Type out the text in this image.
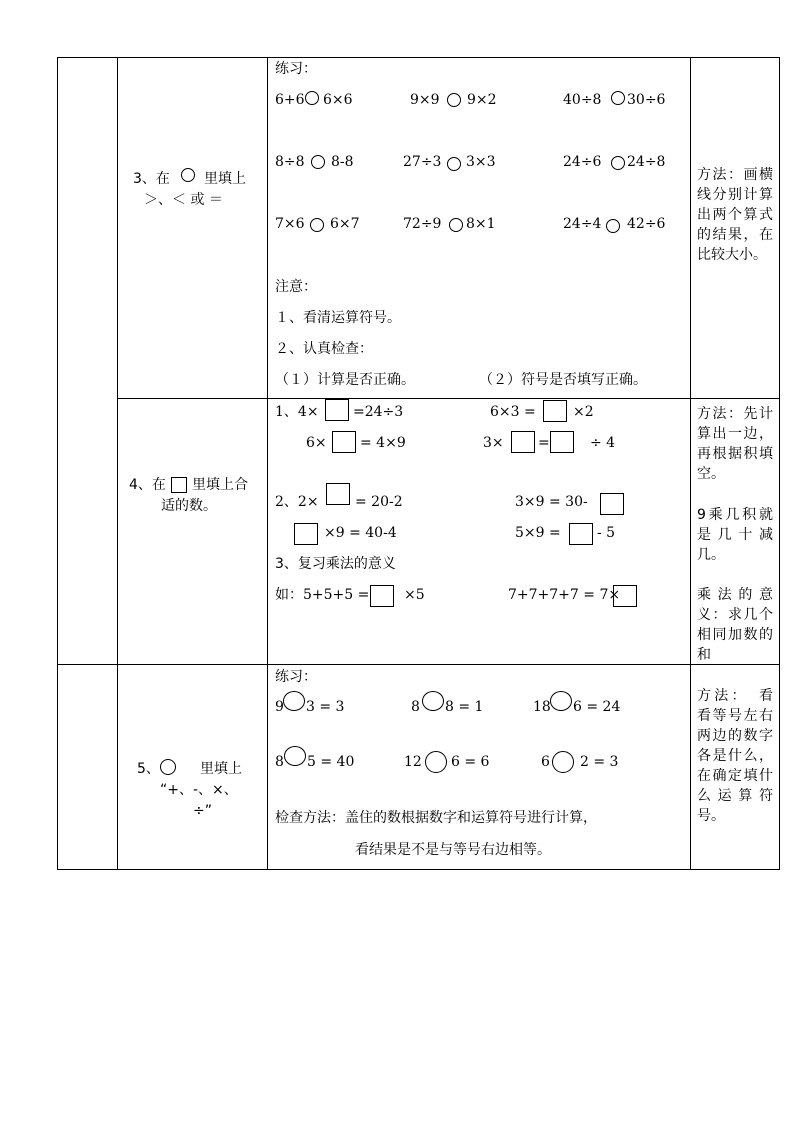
3、在 里填上
＞、＜ 或 ＝
练习：
6+6 6×6	9×9 9×2	40÷8 30÷6
8÷8 8-8	27÷3 3×3	24÷6 24÷8
7×6 6×7	72÷9 8×1	24÷4 42÷6
注意：
１、看清运算符号。
２、认真检查：
（１）计算是否正确。	（２）符号是否填写正确。
方法：画横线分别计算出两个算式的结果，在比较大小。
4、在 里填上合
适的数。
1、4× =24÷3	6×3 =	×2
6× = 4×9	3× =	÷ 4
2、2×	= 20-2	3×9 = 30-
×9 = 40-4	5×9 =	- 5
3、复习乘法的意义
如：5+5+5 = ×5	7+7+7+7 = 7×
方法：先计算出一边，再根据积填空。
9乘几积就是几十减几。
乘法的意义：求几个相同加数的和
5、	里填上
“+、-、×、
÷”
练习：
9 3 = 3	8 8 = 1	18 6 = 24
8 5 = 40	12 6 = 6	6 2 = 3
检查方法：盖住的数根据数字和运算符号进行计算，
看结果是不是与等号右边相等。
方法：　看看等号左右两边的数字各是什么，在确定填什么运算符号。
